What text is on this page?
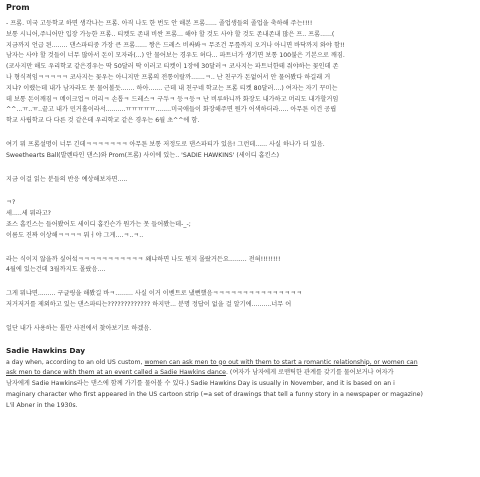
Prom
- 프롬. 미국 고등학교 하면 생각나는 프롬. 아직 나도 한 번도 안 해본 프롬...... 졸업생들의 졸업을 축하해 주는!!!!
보통 시니어,주니어만 입장 가능한 프롬.. 티켓도 존내 비싼 프롬... 해야 할 것도 사야 할 것도 존내존내 많은 프.. 프롬......(
지금까지 언급 된........ 댄스파티중 가장 큰 프롬...... 짱은 드레스 비싸봐ㅋ 무조건 무릎까지 오거나 아니면 바닥까지 와야 함!!
남자는 사야 할 것들이 너무 많아서 돈이 모자라(...) 안 물어보는 경우도 허다... 파트너가 생기면 보통 100불은 기본으로 깨짐.
(코사지만 해도 우리학교 같은경우는 딱 50달러 딱 이러고 티켓이 1장에 30달러ㅋ 코사지는 파트너한테 줘야하는 꽃인데 존
나 형식적임ㅋㅋㅋㅋㅋ 코사지는 꽃우는 아니지만 프롬의 전통이랄까.......ㅋ.. 난 친구가 돈없어서 안 물어봤다 하길래 거
지냐? 이랬는데 내가 남자라도 못 물어볼듯....... 하아....... 근데 내 친구네 학교는 프롬 티켓 80달러....) 여자는 자기 꾸미는
데 보통 돈이깨짐ㅋ 메이크업ㅋ 머리ㅋ 손톱ㅋ 드레스ㅋ 구두ㅋ 등ㅋ등ㅋ 난 비루하니까 화장도 내가하고 머리도 내가할거임
^^...ㅠ..ㅠ..끝고 내가 민거홀이라서..........ㅠㅠㅠㅠㅠ........미국애들이 화장해주면 뭔가 어색하더라..... 아무튼 이건 공립
학교 사립학교 다 다른 것 같은데 우리학교 같은 경우는 6월 초^^에 함.
여기 뭐 프롬설명이 너무 긴데ㅋㅋㅋㅋㅋㅋㅋ 아무튼 보통 저정도로 댄스파티가 있음! 그런데...... 사실 하나가 더 있음.
Sweethearts Ball(발렌타인 댄스)와 Prom(프롬) 사이에 있는.. 'SADIE HAWKINS' (세이디 홉킨스)
지금 이걸 읽는 분들의 반응 예상해보자면.....
ㅋ?
세.....세 뭐라고?
죠스 홉킨스는 들어봤어도 세이디 홉킨슨가 뭔가는 못 들어봤는데-_-;
이름도 진짜 이상해ㅋㅋㅋㅋ 뭐ㅓ야 그게....ㅋ..ㅋ..
라는 식이지 않을까 싶어섴ㅋㅋㅋㅋㅋㅋㅋㅋㅋㅋㅋ 왜냐하면 나도 뭔지 몰랐거든요......... 전혀!!!!!!!!
4월에 있는건데 3월까지도 몰랐음....
그게 뭐냐면......... 구글링을 해봤길 바ㅋ......... 사실 이거 이벤트로 냈뻔했음ㅋㅋㅋㅋㅋㅋㅋㅋㅋㅋㅋㅋㅋㅋㅋ
저거저거를 제외하고 있는 댄스파티는????????????? 하지만... 분명 정답이 없을 걸 알기에..........너무 어
일단 내가 사용하는 톨만 사전에서 찾아보기로 하겠음.
Sadie Hawkins Day
a day when, according to an old US custom, women can ask men to go out with them to start a romantic relationship, or women can
ask men to dance with them at an event called a Sadie Hawkins dance. (여자가 남자에게 로맨틱한 관계를 갖기를 물어보거나 여자가
남자에게 Sadie Hawkins라는 댄스에 함께 가기를 물어볼 수 있다.) Sadie Hawkins Day is usually in November, and it is based on an i
maginary character who first appeared in the US cartoon strip (=a set of drawings that tell a funny story in a newspaper or magazine)
L'il Abner in the 1930s.
